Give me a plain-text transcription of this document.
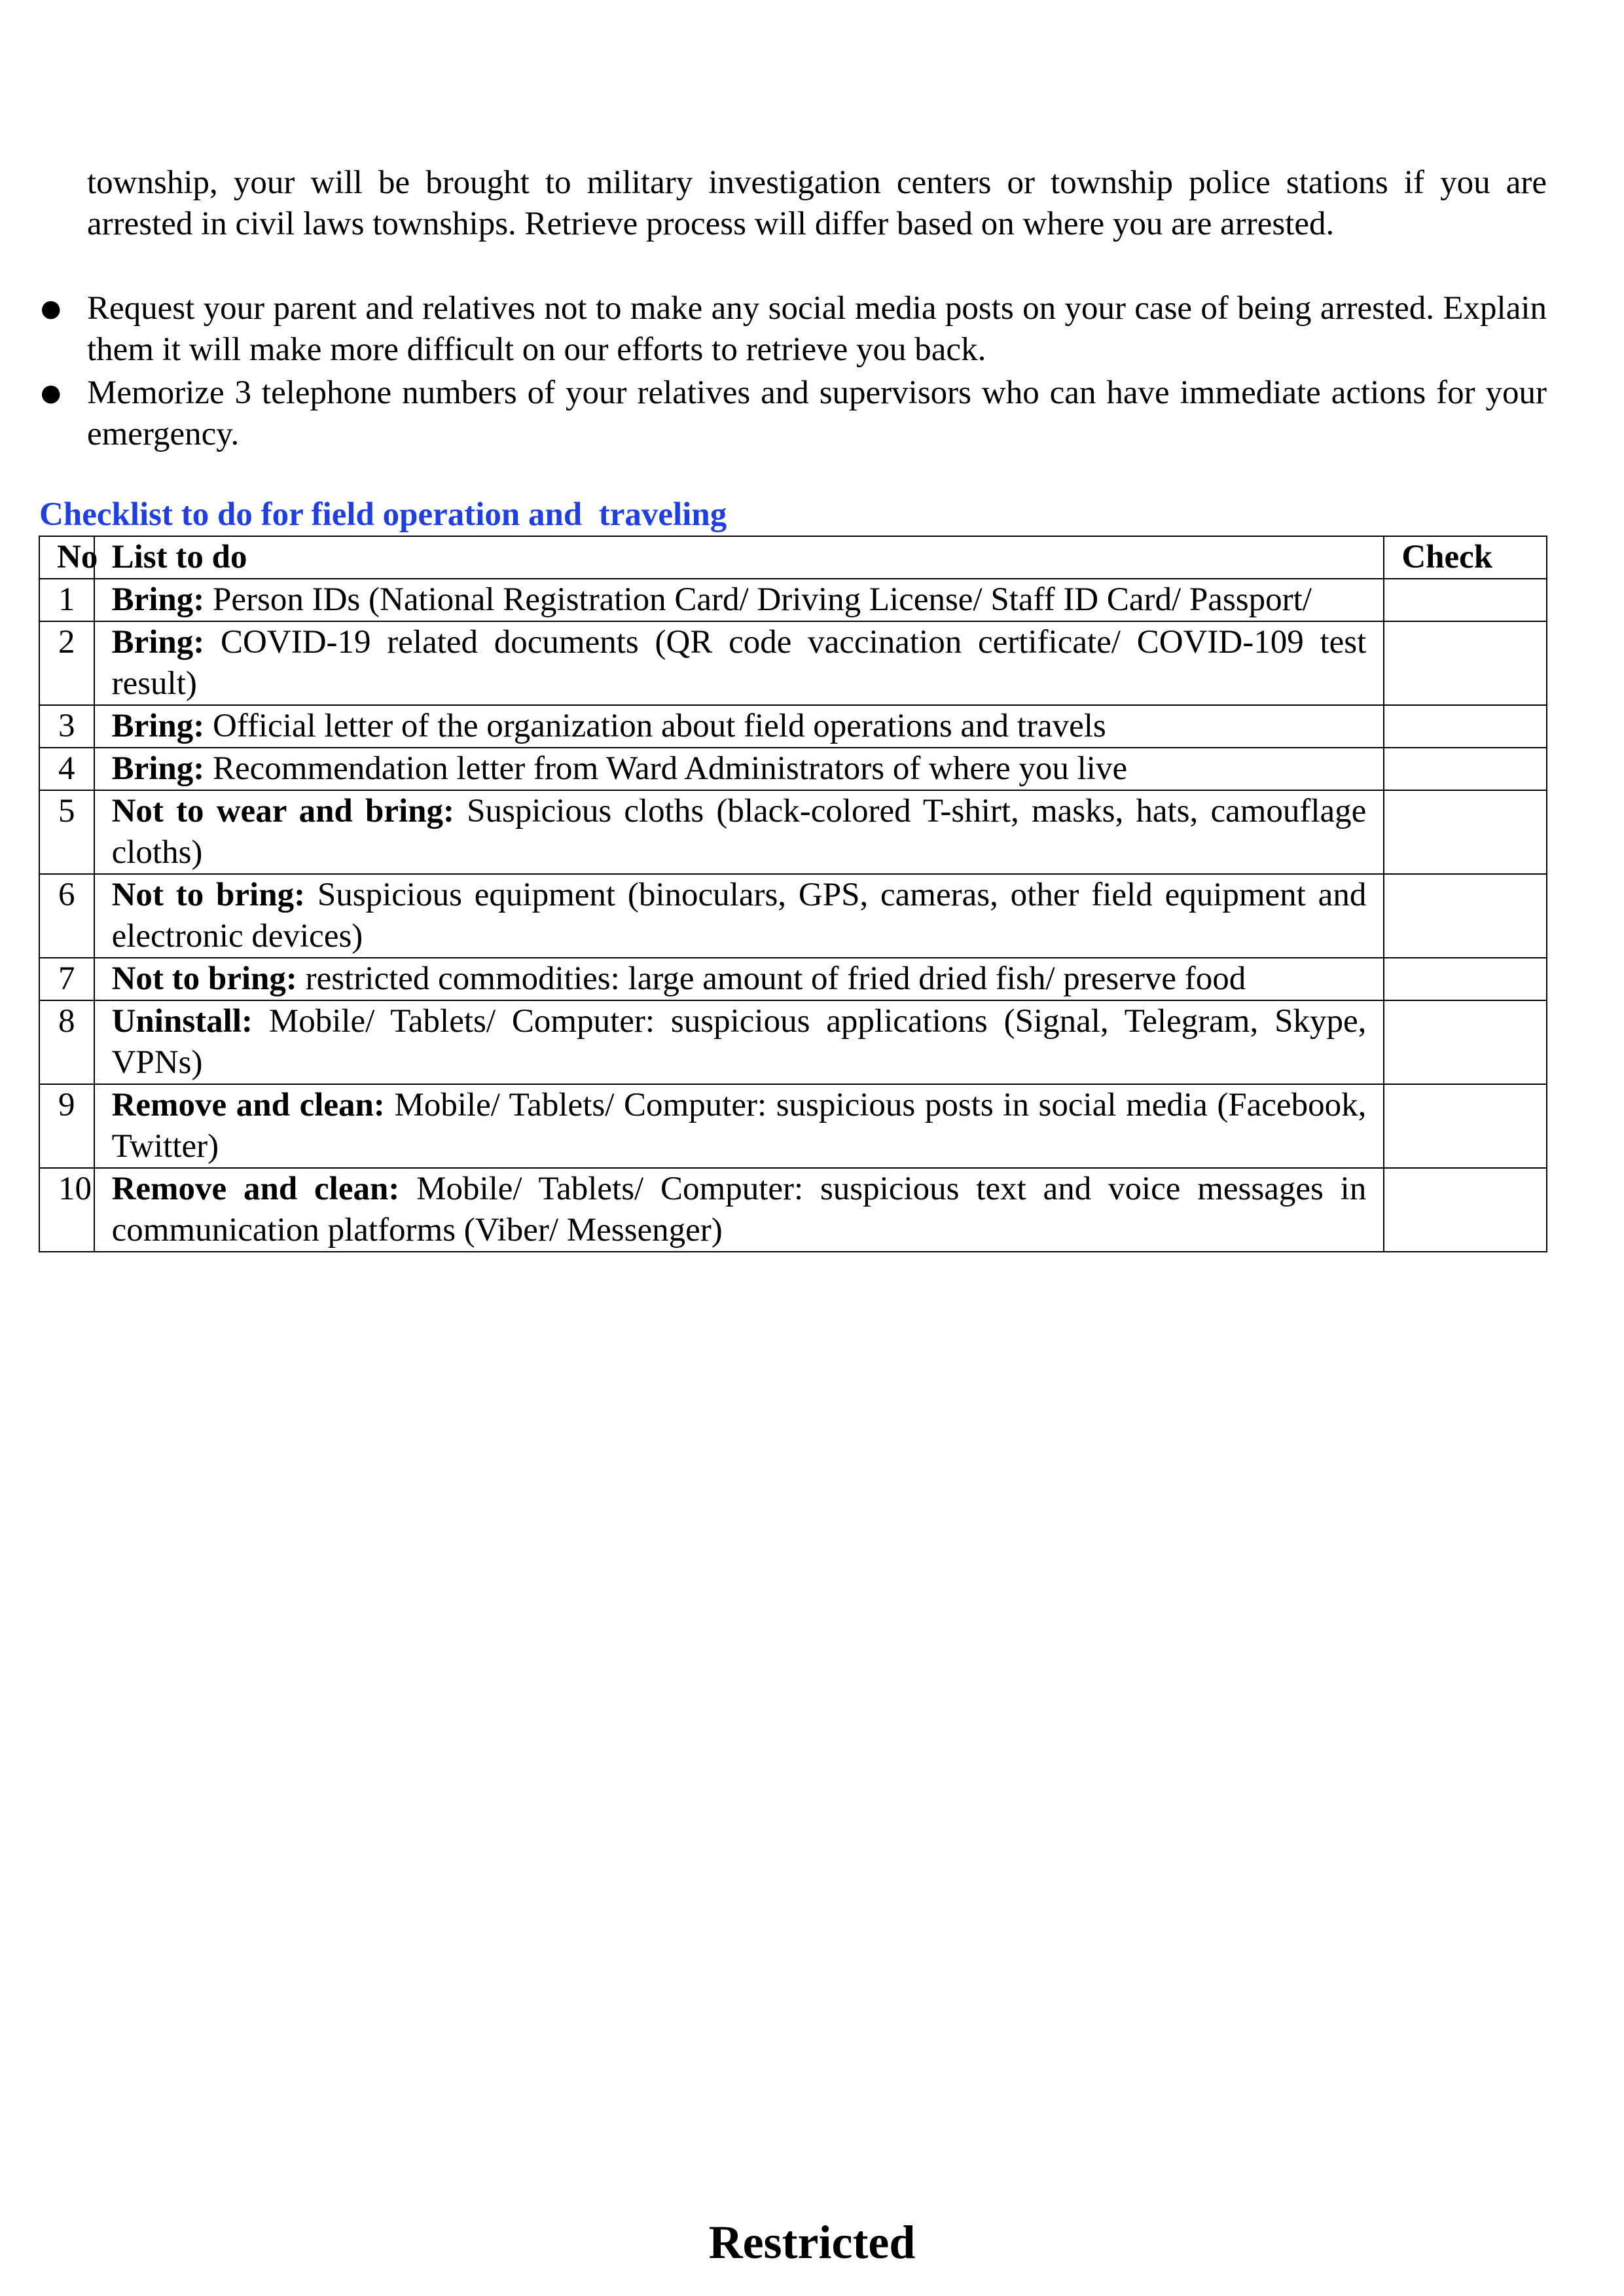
township, your will be brought to military investigation centers or township police stations if you are arrested in civil laws townships. Retrieve process will differ based on where you are arrested.
● Request your parent and relatives not to make any social media posts on your case of being arrested. Explain them it will make more difficult on our efforts to retrieve you back.
● Memorize 3 telephone numbers of your relatives and supervisors who can have immediate actions for your emergency.
Checklist to do for field operation and  traveling
No	List to do	Check
1	Bring: Person IDs (National Registration Card/ Driving License/ Staff ID Card/ Passport/	

2	Bring: COVID-19 related documents (QR code vaccination certificate/ COVID-109 test result)	

3	Bring: Official letter of the organization about field operations and travels	

4	Bring: Recommendation letter from Ward Administrators of where you live	

5	Not to wear and bring: Suspicious cloths (black-colored T-shirt, masks, hats, camouflage cloths)	

6	Not to bring: Suspicious equipment (binoculars, GPS, cameras, other field equipment and electronic devices)	

7	Not to bring: restricted commodities: large amount of fried dried fish/ preserve food	

8	Uninstall: Mobile/ Tablets/ Computer: suspicious applications (Signal, Telegram, Skype, VPNs)	

9	Remove and clean: Mobile/ Tablets/ Computer: suspicious posts in social media (Facebook, Twitter)	

10	Remove and clean: Mobile/ Tablets/ Computer: suspicious text and voice messages in communication platforms (Viber/ Messenger)	
Restricted
